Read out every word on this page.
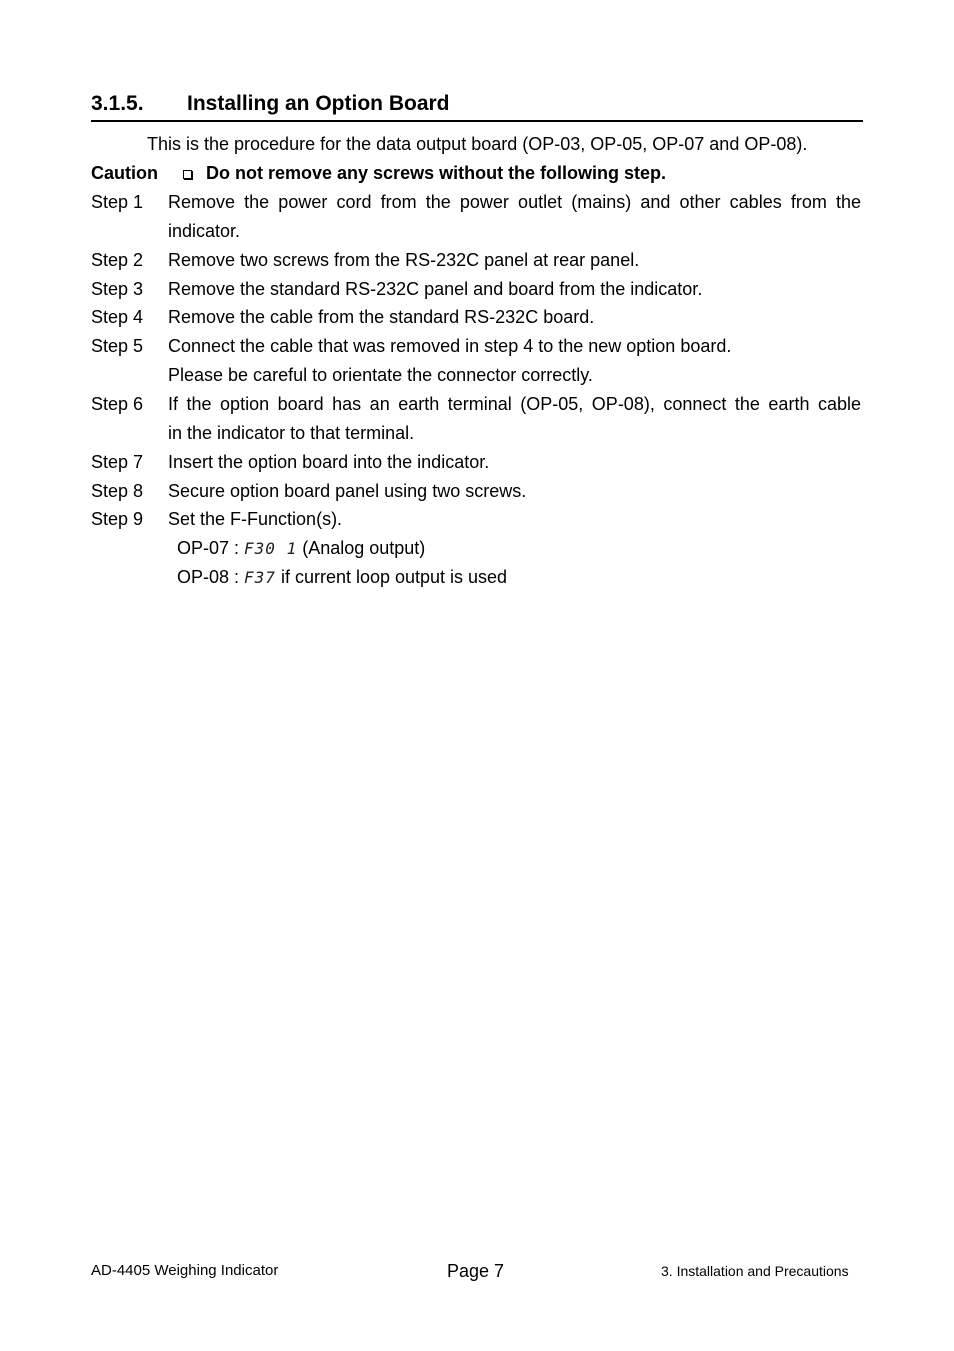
3.1.5. Installing an Option Board
This is the procedure for the data output board (OP-03, OP-05, OP-07 and OP-08).
Caution	Do not remove any screws without the following step.
Step 1 Remove the power cord from the power outlet (mains) and other cables from the
indicator.
Step 2 Remove two screws from the RS-232C panel at rear panel.
Step 3 Remove the standard RS-232C panel and board from the indicator.
Step 4 Remove the cable from the standard RS-232C board.
Step 5 Connect the cable that was removed in step 4 to the new option board.
Please be careful to orientate the connector correctly.
Step 6 If the option board has an earth terminal (OP-05, OP-08), connect the earth cable
in the indicator to that terminal.
Step 7 Insert the option board into the indicator.
Step 8 Secure option board panel using two screws.
Step 9 Set the F-Function(s).
OP-07 : F30 1 (Analog output)
OP-08 : F37 if current loop output is used
AD-4405 Weighing Indicator	Page 7	3. Installation and Precautions
